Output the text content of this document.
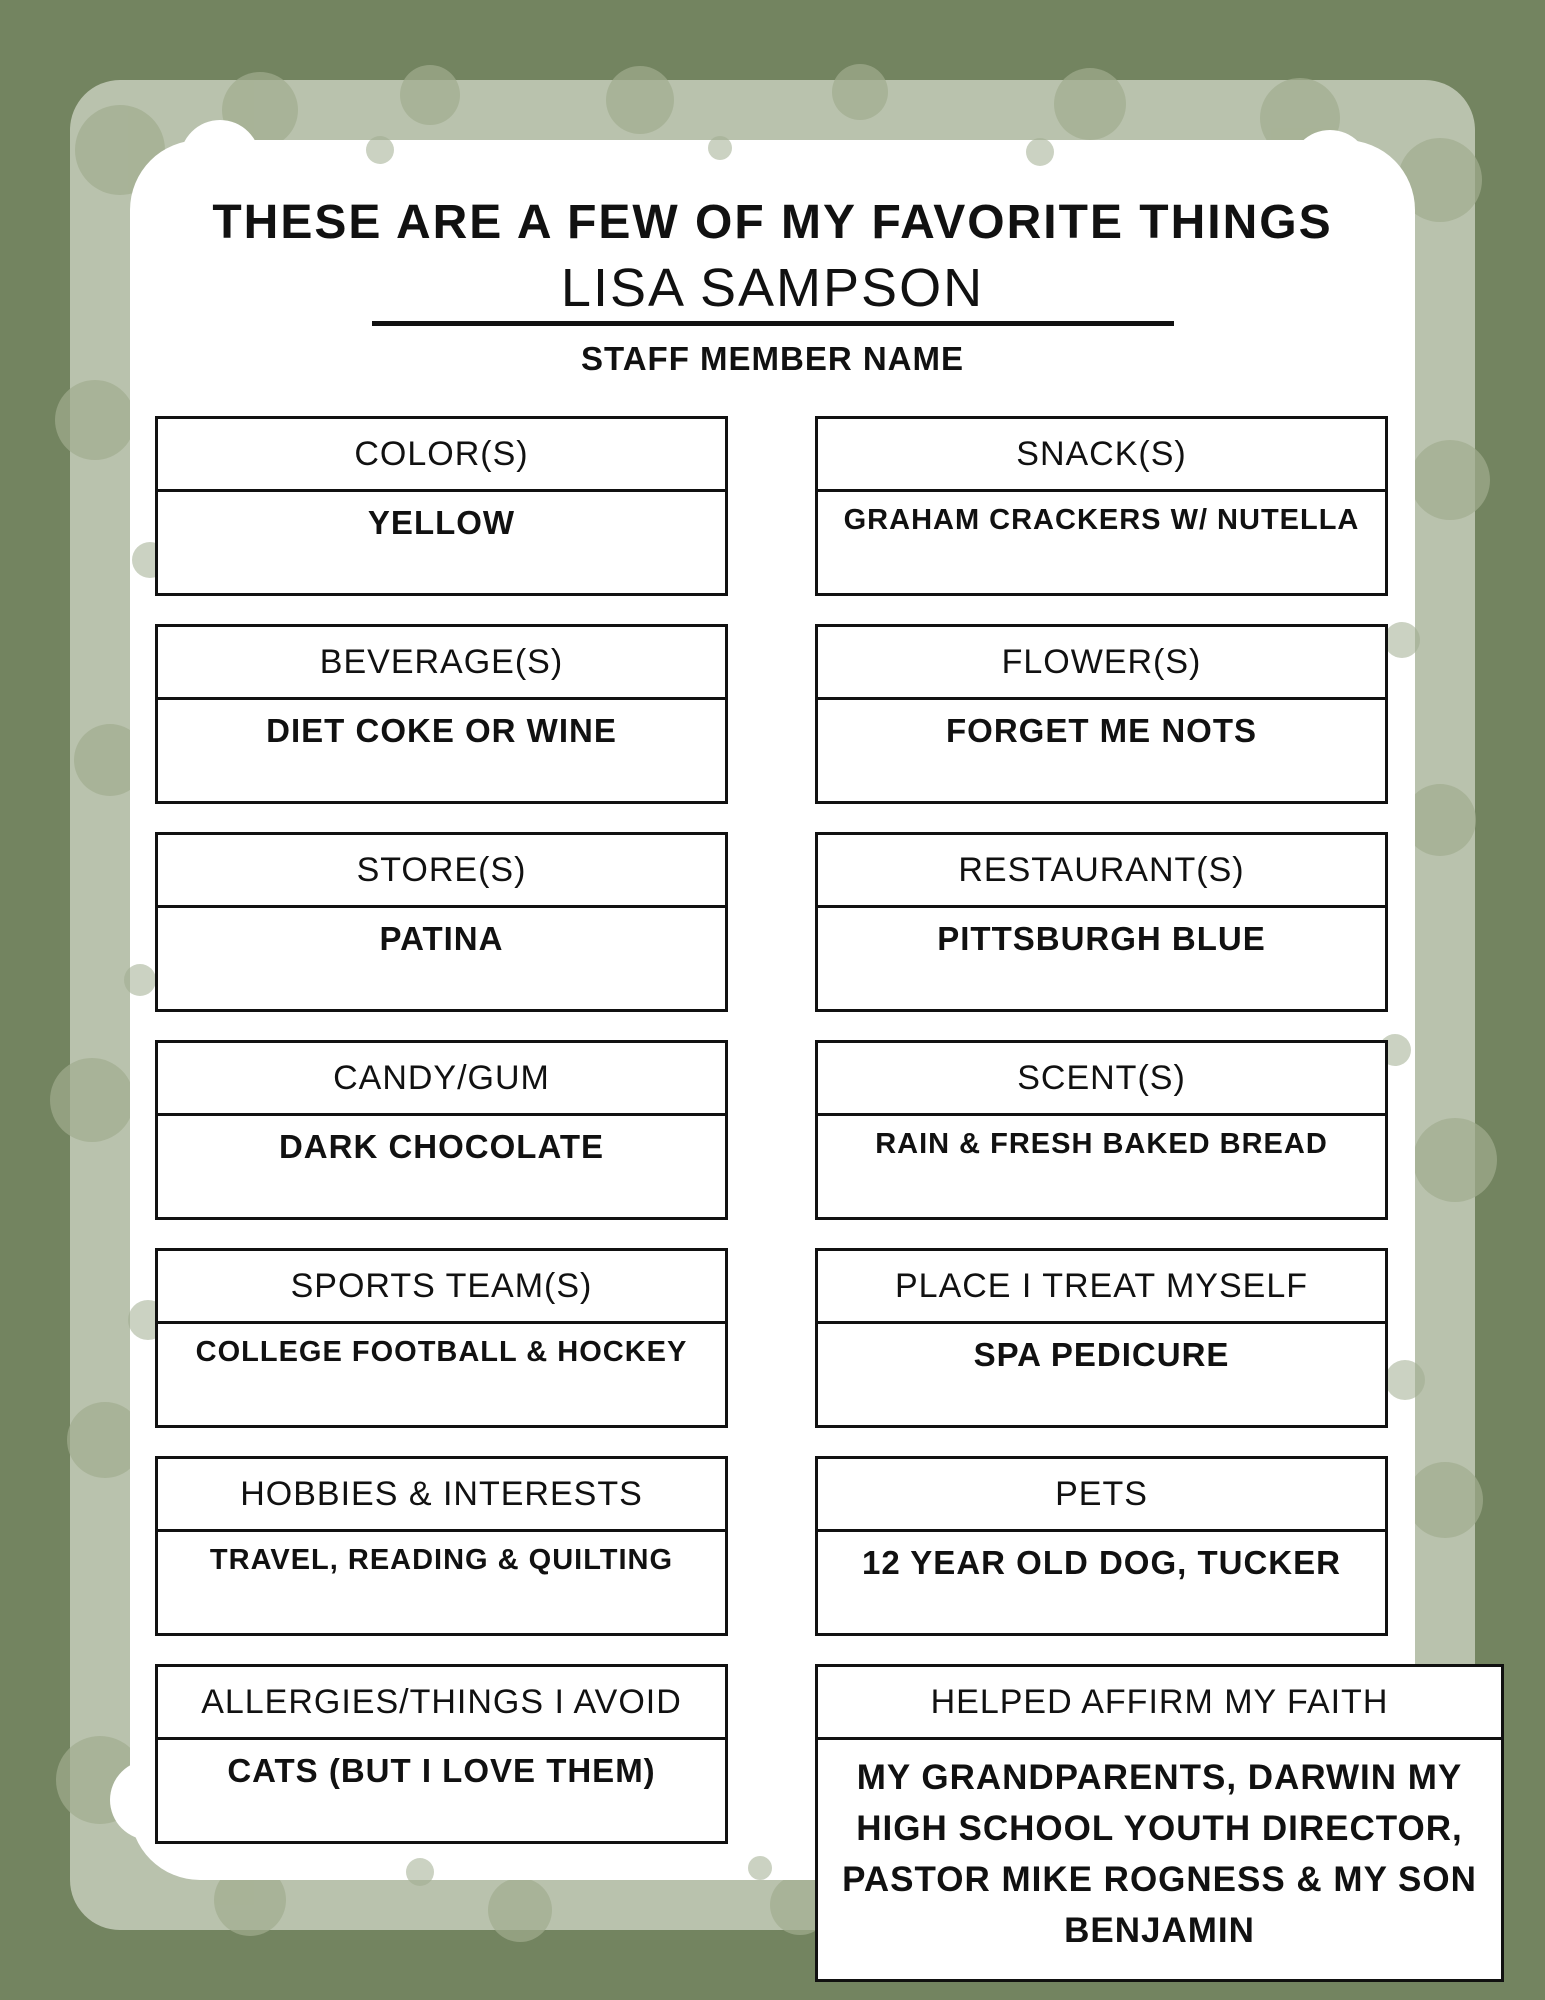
THESE ARE A FEW OF MY FAVORITE THINGS
LISA SAMPSON
STAFF MEMBER NAME
COLOR(S)
YELLOW
SNACK(S)
GRAHAM CRACKERS W/ NUTELLA
BEVERAGE(S)
DIET COKE OR WINE
FLOWER(S)
FORGET ME NOTS
STORE(S)
PATINA
RESTAURANT(S)
PITTSBURGH BLUE
CANDY/GUM
DARK CHOCOLATE
SCENT(S)
RAIN & FRESH BAKED BREAD
SPORTS TEAM(S)
COLLEGE FOOTBALL & HOCKEY
PLACE I TREAT MYSELF
SPA PEDICURE
HOBBIES & INTERESTS
TRAVEL, READING & QUILTING
PETS
12 YEAR OLD DOG, TUCKER
ALLERGIES/THINGS I AVOID
CATS (BUT I LOVE THEM)
HELPED AFFIRM MY FAITH
MY GRANDPARENTS, DARWIN MY HIGH SCHOOL YOUTH DIRECTOR, PASTOR MIKE ROGNESS & MY SON BENJAMIN
